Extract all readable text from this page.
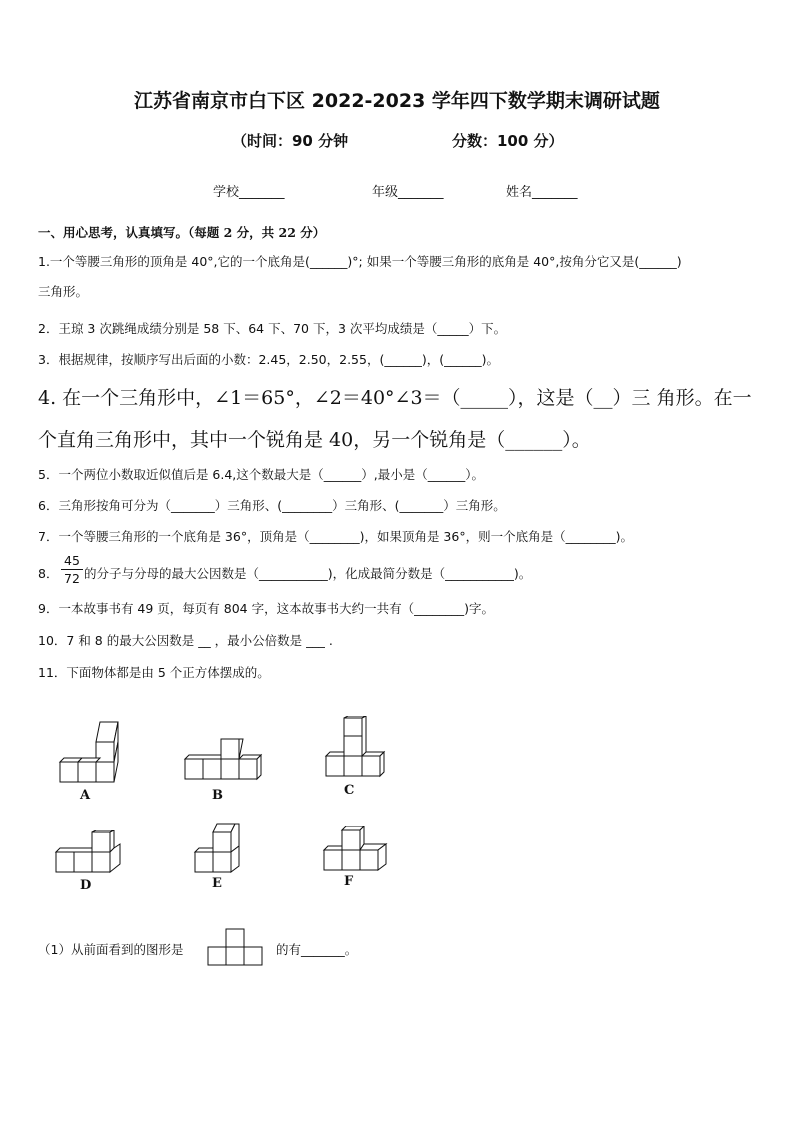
江苏省南京市白下区 2022-2023 学年四下数学期末调研试题
（时间：90 分钟	分数：100 分）
学校_______	年级_______	姓名_______
一、用心思考，认真填写。（每题 2 分，共 22 分）
1.一个等腰三角形的顶角是 40°,它的一个底角是(______)°; 如果一个等腰三角形的底角是 40°,按角分它又是(______)
三角形。
2．王琼 3 次跳绳成绩分别是 58 下、64 下、70 下，3 次平均成绩是（_____）下。
3．根据规律，按顺序写出后面的小数：2.45，2.50，2.55，(______)，(______)。
4. 在一个三角形中，∠1＝65°，∠2＝40°∠3＝（_____），这是（__）三 角形。在一
个直角三角形中，其中一个锐角是 40，另一个锐角是（______）。
5．一个两位小数取近似值后是 6.4,这个数最大是（______）,最小是（______）。
6．三角形按角可分为（_______）三角形、(________）三角形、(_______）三角形。
7．一个等腰三角形的一个底角是 36°，顶角是（________)，如果顶角是 36°，则一个底角是（________)。
8． $\frac{45}{72}$ 的分子与分母的最大公因数是（___________)，化成最简分数是（___________)。
9．一本故事书有 49 页，每页有 804 字，这本故事书大约一共有（________)字。
10．7 和 8 的最大公因数是 __ ，最小公倍数是 ___ .
11．下面物体都是由 5 个正方体摆成的。
A	B	C
D	E	F
（1）从前面看到的图形是	的有_______。
